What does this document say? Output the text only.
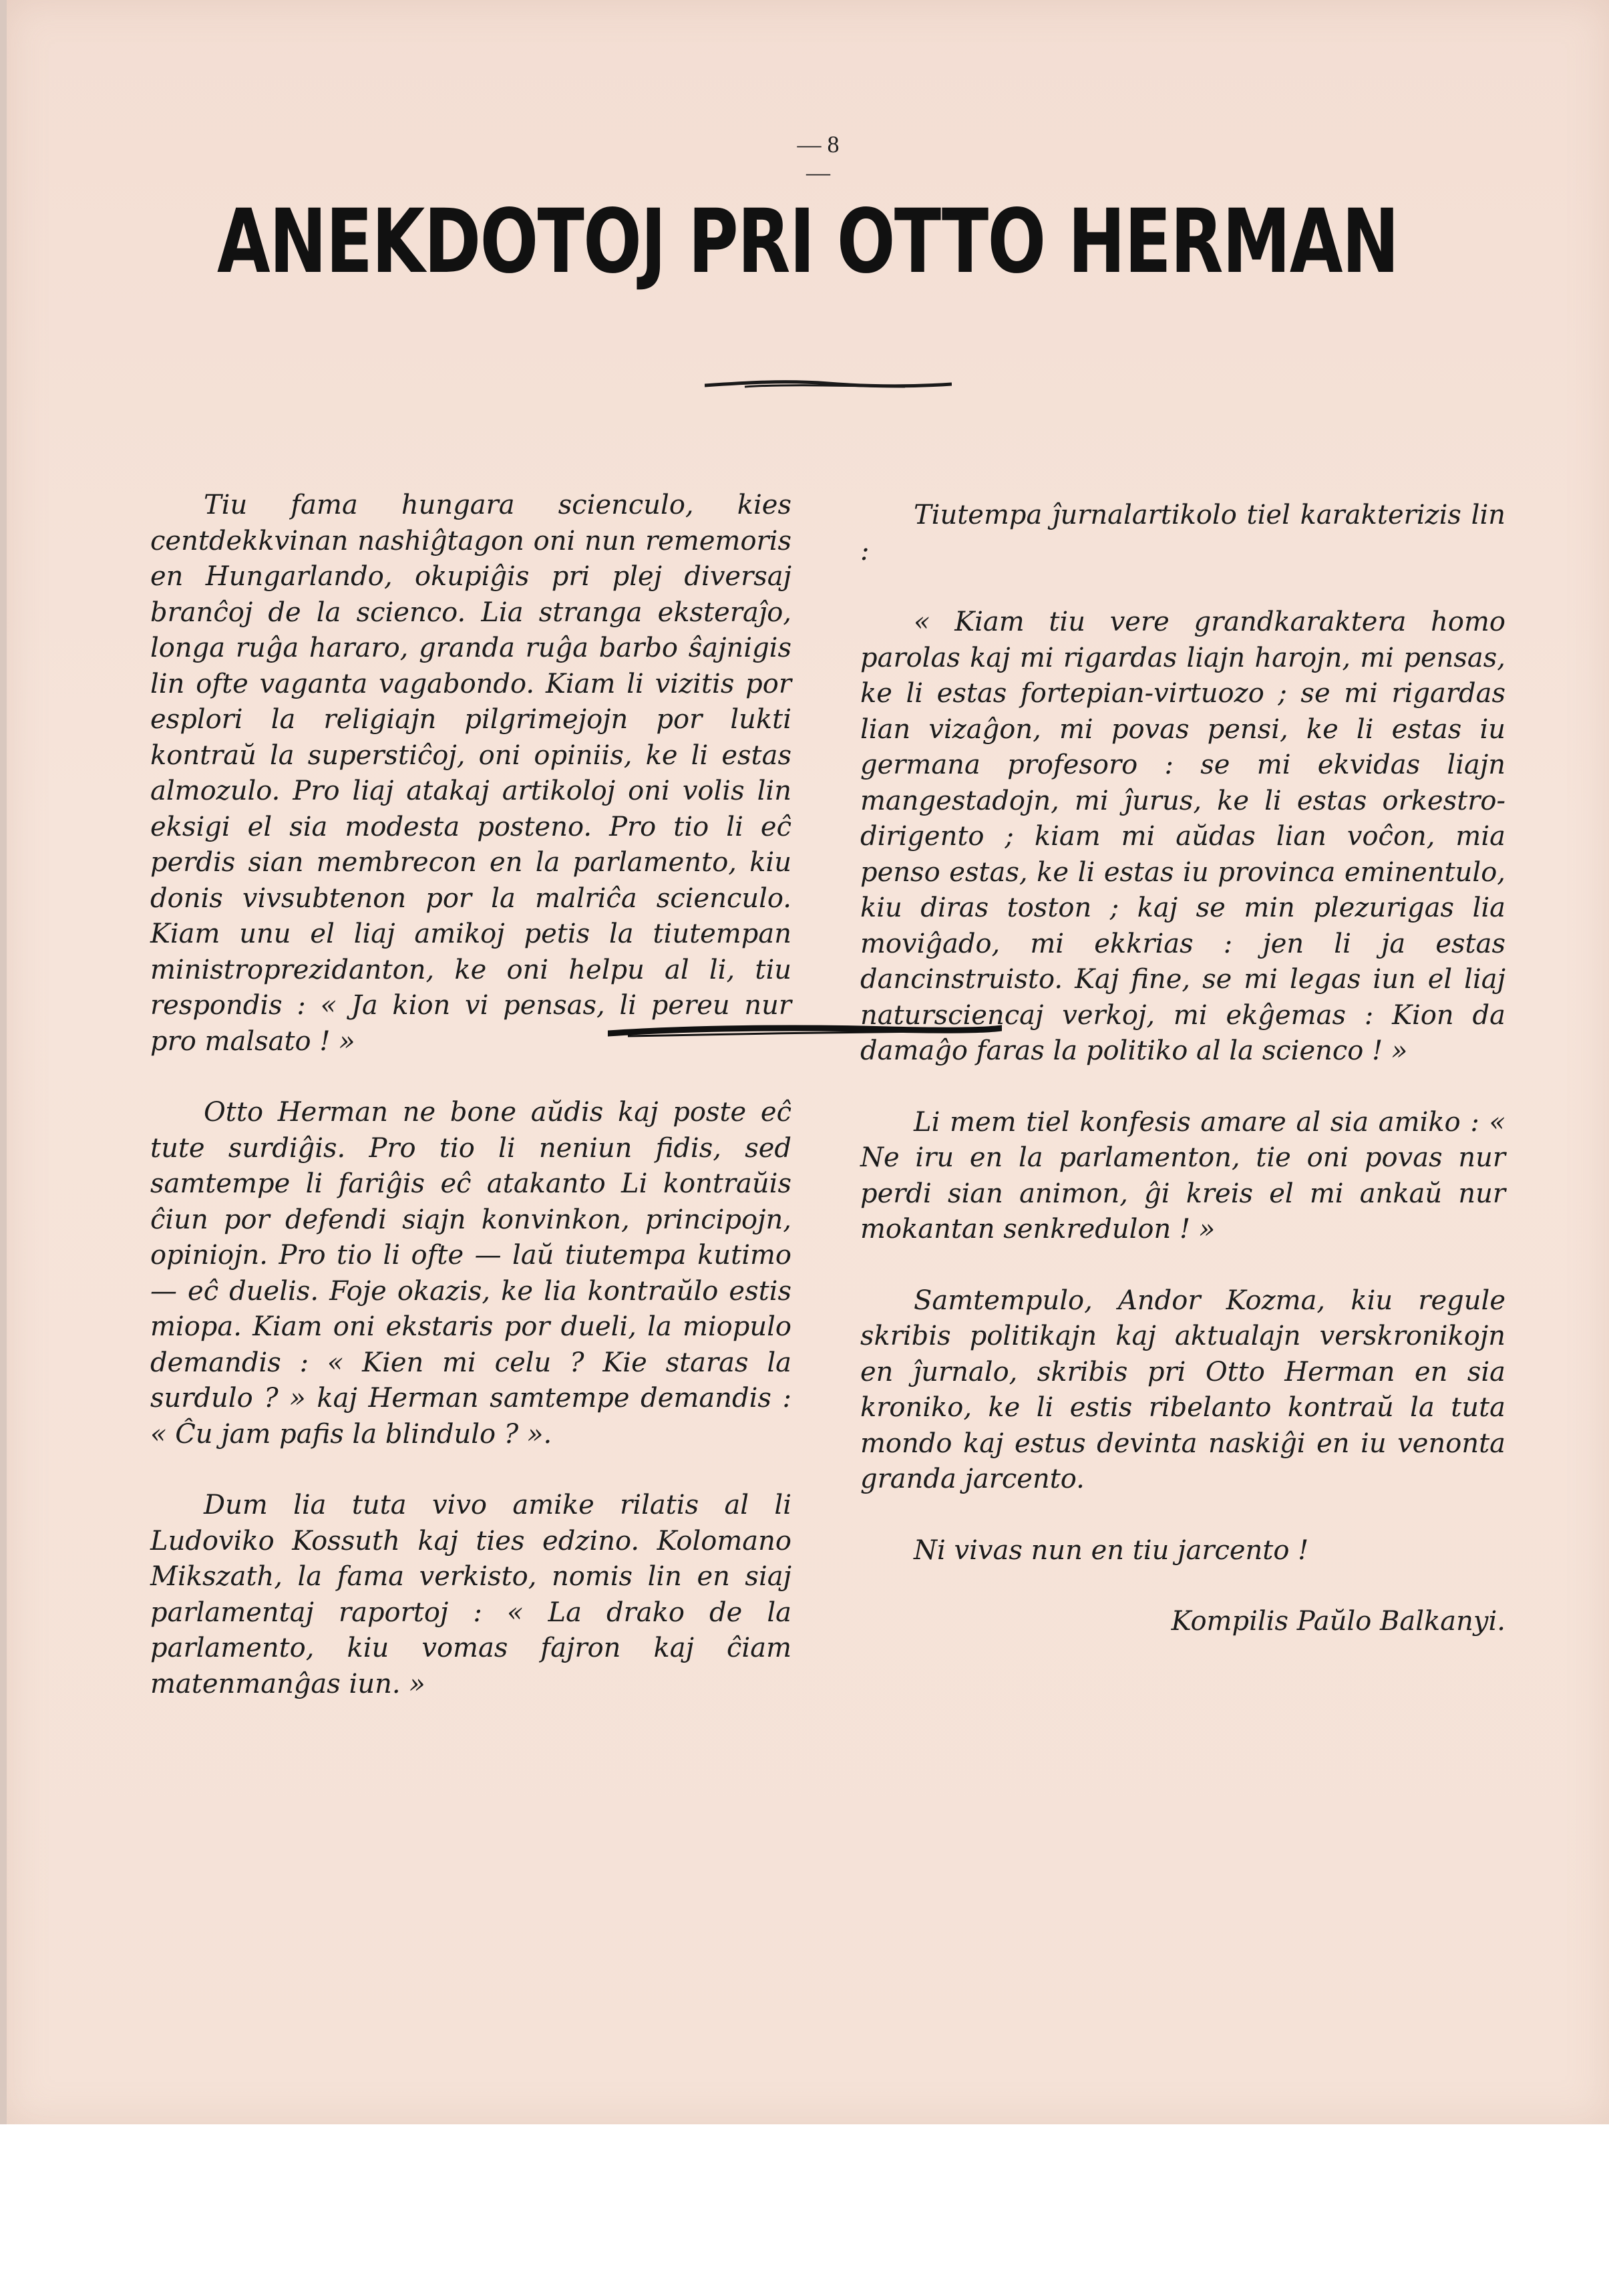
— 8 —
ANEKDOTOJ PRI OTTO HERMAN

Tiu fama hungara scienculo, kies centdekkvinan nashiĝtagon oni nun rememoris en Hungarlando, okupiĝis pri plej diversaj branĉoj de la scienco. Lia stranga eksteraĵo, longa ruĝa hararo, granda ruĝa barbo ŝajnigis lin ofte vaganta vagabondo. Kiam li vizitis por esplori la religiajn pilgrimejojn por lukti kontraŭ la superstiĉoj, oni opiniis, ke li estas almozulo. Pro liaj atakaj artikoloj oni volis lin eksigi el sia modesta posteno. Pro tio li eĉ perdis sian membrecon en la parlamento, kiu donis vivsubtenon por la malriĉa scienculo. Kiam unu el liaj amikoj petis la tiutempan ministroprezidanton, ke oni helpu al li, tiu respondis : « Ja kion vi pensas, li pereu nur pro malsato ! »

Otto Herman ne bone aŭdis kaj poste eĉ tute surdiĝis. Pro tio li neniun fidis, sed samtempe li fariĝis eĉ atakanto Li kontraŭis ĉiun por defendi siajn konvinkon, principojn, opiniojn. Pro tio li ofte — laŭ tiutempa kutimo — eĉ duelis. Foje okazis, ke lia kontraŭlo estis miopa. Kiam oni ekstaris por dueli, la miopulo demandis : « Kien mi celu ? Kie staras la surdulo ? » kaj Herman samtempe demandis : « Ĉu jam pafis la blindulo ? ».

Dum lia tuta vivo amike rilatis al li Ludoviko Kossuth kaj ties edzino. Kolomano Mikszath, la fama verkisto, nomis lin en siaj parlamentaj raportoj : « La drako de la parlamento, kiu vomas fajron kaj ĉiam matenmanĝas iun. »

Tiutempa ĵurnalartikolo tiel karakterizis lin :

« Kiam tiu vere grandkaraktera homo parolas kaj mi rigardas liajn harojn, mi pensas, ke li estas fortepian-virtuozo ; se mi rigardas lian vizaĝon, mi povas pensi, ke li estas iu germana profesoro : se mi ekvidas liajn mangestadojn, mi ĵurus, ke li estas orkestro-dirigento ; kiam mi aŭdas lian voĉon, mia penso estas, ke li estas iu provinca eminentulo, kiu diras toston ; kaj se min plezurigas lia moviĝado, mi ekkrias : jen li ja estas dancinstruisto. Kaj fine, se mi legas iun el liaj natursciencaj verkoj, mi ekĝemas : Kion da damaĝo faras la politiko al la scienco ! »

Li mem tiel konfesis amare al sia amiko : « Ne iru en la parlamenton, tie oni povas nur perdi sian animon, ĝi kreis el mi ankaŭ nur mokantan senkredulon ! »

Samtempulo, Andor Kozma, kiu regule skribis politikajn kaj aktualajn verskronikojn en ĵurnalo, skribis pri Otto Herman en sia kroniko, ke li estis ribelanto kontraŭ la tuta mondo kaj estus devinta naskiĝi en iu venonta granda jarcento.

Ni vivas nun en tiu jarcento !

Kompilis Paŭlo Balkanyi.
